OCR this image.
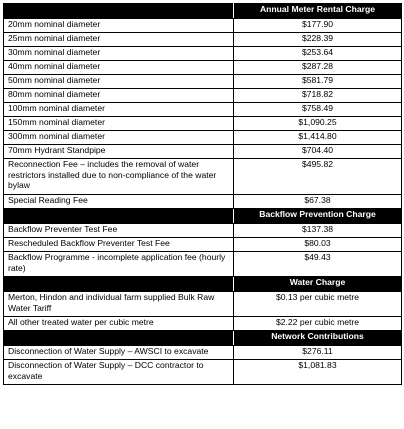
	Annual Meter Rental Charge
20mm nominal diameter	$177.90
25mm nominal diameter	$228.39
30mm nominal diameter	$253.64
40mm nominal diameter	$287.28
50mm nominal diameter	$581.79
80mm nominal diameter	$718.82
100mm nominal diameter	$758.49
150mm nominal diameter	$1,090.25
300mm nominal diameter	$1,414.80
70mm Hydrant Standpipe	$704.40
Reconnection Fee – includes the removal of water restrictors installed due to non-compliance of the water bylaw	$495.82
Special Reading Fee	$67.38
	Backflow Prevention Charge
Backflow Preventer Test Fee	$137.38
Rescheduled Backflow Preventer Test Fee	$80.03
Backflow Programme - incomplete application fee (hourly rate)	$49.43
	Water Charge
Merton, Hindon and individual farm supplied Bulk Raw Water Tariff	$0.13 per cubic metre
All other treated water per cubic metre	$2.22 per cubic metre
	Network Contributions
Disconnection of Water Supply – AWSCI to excavate	$276.11
Disconnection of Water Supply – DCC contractor to excavate	$1,081.83
